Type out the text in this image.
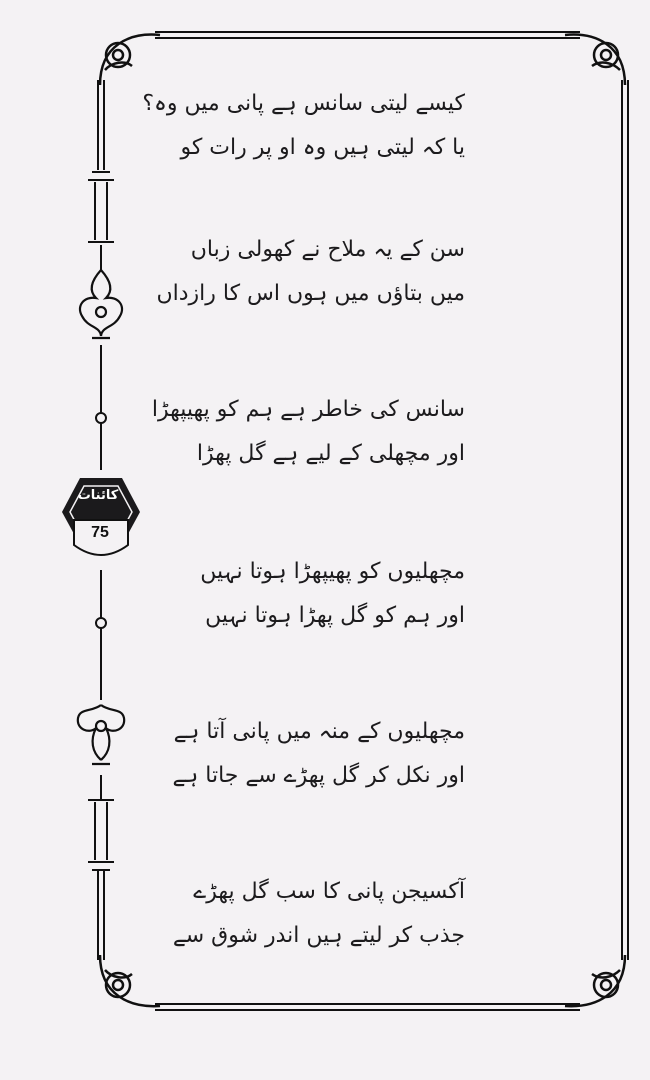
کائنات
75
کیسے لیتی سانس ہے پانی میں وہ؟
یا کہ لیتی ہیں وہ او پر رات کو
سن کے یہ ملاح نے کھولی زباں
میں بتاؤں میں ہوں اس کا رازداں
سانس کی خاطر ہے ہم کو پھیپھڑا
اور مچھلی کے لیے ہے گل پھڑا
مچھلیوں کو پھیپھڑا ہوتا نہیں
اور ہم کو گل پھڑا ہوتا نہیں
مچھلیوں کے منہ میں پانی آتا ہے
اور نکل کر گل پھڑے سے جاتا ہے
آکسیجن پانی کا سب گل پھڑے
جذب کر لیتے ہیں اندر شوق سے
